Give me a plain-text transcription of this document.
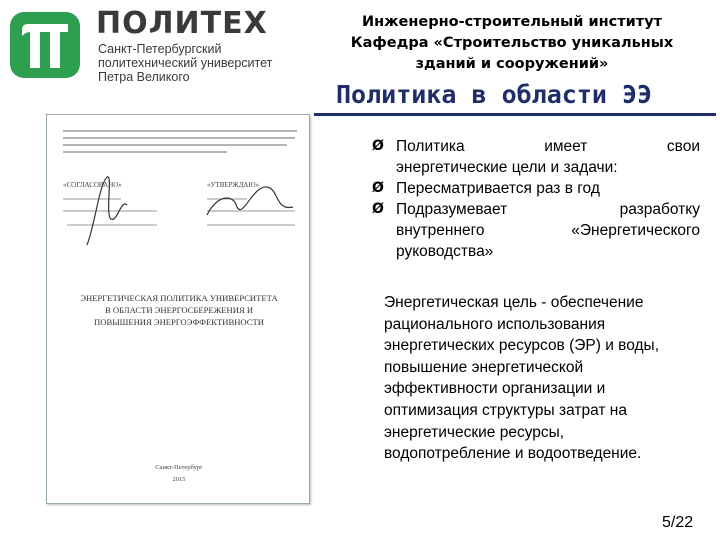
ПОЛИТЕХ
Санкт-Петербургский
политехнический университет
Петра Великого
Инженерно-строительный институт
Кафедра «Строительство уникальных
зданий и сооружений»
Политика в области ЭЭ
«СОГЛАСОВАНО»	«УТВЕРЖДАЮ»
ЭНЕРГЕТИЧЕСКАЯ ПОЛИТИКА УНИВЕРСИТЕТА
В ОБЛАСТИ ЭНЕРГОСБЕРЕЖЕНИЯ И
ПОВЫШЕНИЯ ЭНЕРГОЭФФЕКТИВНОСТИ
Санкт-Петербург
2015
Ø Политика	имеет	свои
энергетические цели и задачи:
Ø Пересматривается раз в год
Ø Подразумевает	разработку
внутреннего	«Энергетического
руководства»
Энергетическая цель - обеспечение
рационального использования
энергетических ресурсов (ЭР) и воды,
повышение энергетической
эффективности организации и
оптимизация структуры затрат на
энергетические ресурсы,
водопотребление и водоотведение.
5/22
